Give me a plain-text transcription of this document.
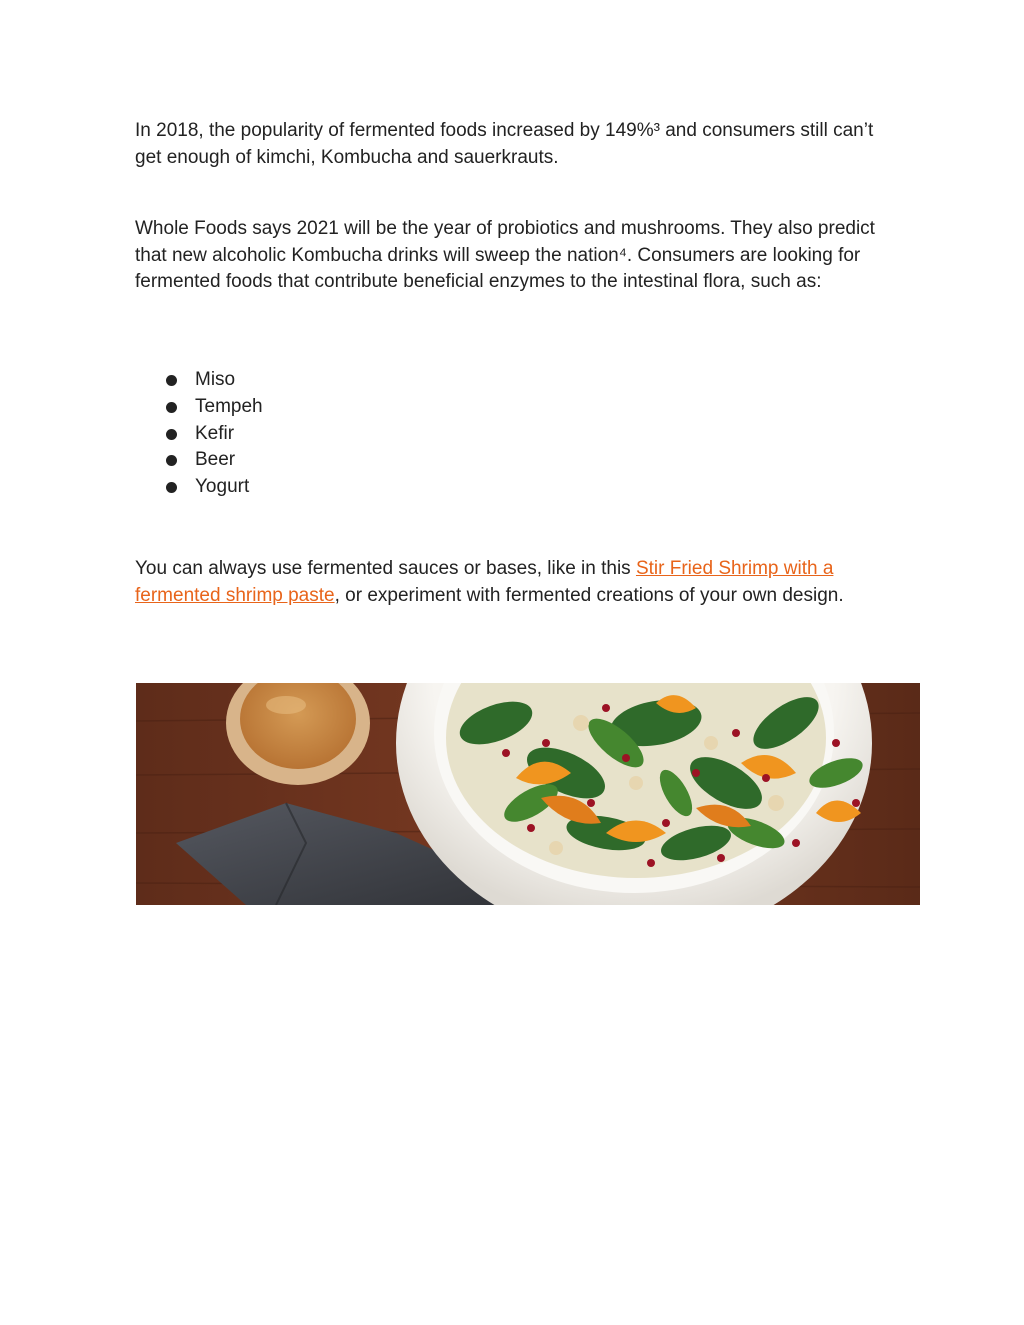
In 2018, the popularity of fermented foods increased by 149%³ and consumers still can’t get enough of kimchi, Kombucha and sauerkrauts.

Whole Foods says 2021 will be the year of probiotics and mushrooms. They also predict that new alcoholic Kombucha drinks will sweep the nation⁴. Consumers are looking for fermented foods that contribute beneficial enzymes to the intestinal flora, such as:

Miso
Tempeh
Kefir
Beer
Yogurt

You can always use fermented sauces or bases, like in this Stir Fried Shrimp with a fermented shrimp paste, or experiment with fermented creations of your own design.
